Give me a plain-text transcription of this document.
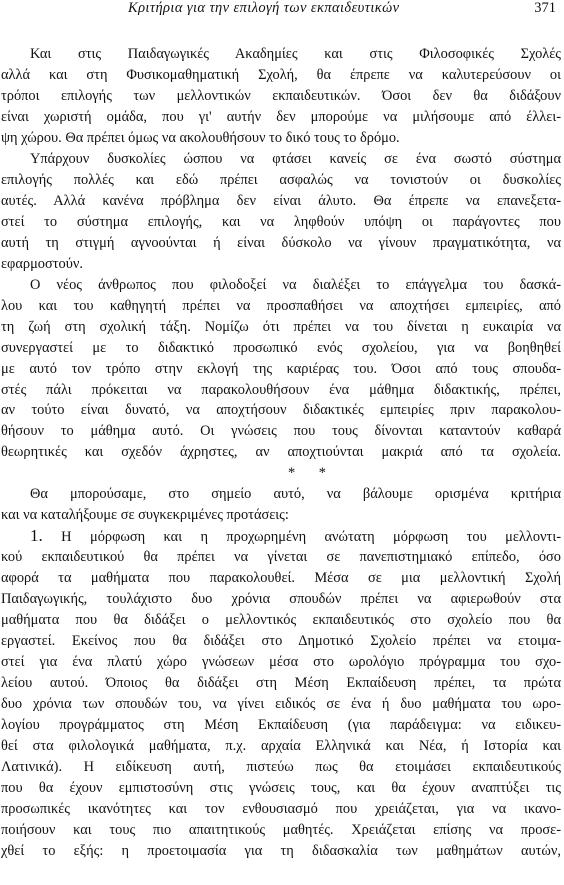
Κριτήρια για την επιλογή των εκπαιδευτικών	371
Και στις Παιδαγωγικές Ακαδημίες και στις Φιλοσοφικές Σχολές
αλλά και στη Φυσικομαθηματική Σχολή, θα έπρεπε να καλυτερεύσουν οι
τρόποι επιλογής των μελλοντικών εκπαιδευτικών. Όσοι δεν θα διδάξουν
είναι χωριστή ομάδα, που γι' αυτήν δεν μπορούμε να μιλήσουμε από έλλει-
ψη χώρου. Θα πρέπει όμως να ακολουθήσουν το δικό τους το δρόμο.
Υπάρχουν δυσκολίες ώσπου να φτάσει κανείς σε ένα σωστό σύστημα
επιλογής πολλές και εδώ πρέπει ασφαλώς να τονιστούν οι δυσκολίες
αυτές. Αλλά κανένα πρόβλημα δεν είναι άλυτο. Θα έπρεπε να επανεξετα-
στεί το σύστημα επιλογής, και να ληφθούν υπόψη οι παράγοντες που
αυτή τη στιγμή αγνοούνται ή είναι δύσκολο να γίνουν πραγματικότητα, να
εφαρμοστούν.
Ο νέος άνθρωπος που φιλοδοξεί να διαλέξει το επάγγελμα του δασκά-
λου και του καθηγητή πρέπει να προσπαθήσει να αποχτήσει εμπειρίες, από
τη ζωή στη σχολική τάξη. Νομίζω ότι πρέπει να του δίνεται η ευκαιρία να
συνεργαστεί με το διδακτικό προσωπικό ενός σχολείου, για να βοηθηθεί
με αυτό τον τρόπο στην εκλογή της καριέρας του. Όσοι από τους σπουδα-
στές πάλι πρόκειται να παρακολουθήσουν ένα μάθημα διδακτικής, πρέπει,
αν τούτο είναι δυνατό, να αποχτήσουν διδακτικές εμπειρίες πριν παρακολου-
θήσουν το μάθημα αυτό. Οι γνώσεις που τους δίνονται καταντούν καθαρά
θεωρητικές και σχεδόν άχρηστες, αν αποχτιούνται μακριά από τα σχολεία.
* *
Θα μπορούσαμε, στο σημείο αυτό, να βάλουμε ορισμένα κριτήρια
και να καταλήξουμε σε συγκεκριμένες προτάσεις:
1. Η μόρφωση και η προχωρημένη ανώτατη μόρφωση του μελλοντι-
κού εκπαιδευτικού θα πρέπει να γίνεται σε πανεπιστημιακό επίπεδο, όσο
αφορά τα μαθήματα που παρακολουθεί. Μέσα σε μια μελλοντική Σχολή
Παιδαγωγικής, τουλάχιστο δυο χρόνια σπουδών πρέπει να αφιερωθούν στα
μαθήματα που θα διδάξει ο μελλοντικός εκπαιδευτικός στο σχολείο που θα
εργαστεί. Εκείνος που θα διδάξει στο Δημοτικό Σχολείο πρέπει να ετοιμα-
στεί για ένα πλατύ χώρο γνώσεων μέσα στο ωρολόγιο πρόγραμμα του σχο-
λείου αυτού. Όποιος θα διδάξει στη Μέση Εκπαίδευση πρέπει, τα πρώτα
δυο χρόνια των σπουδών του, να γίνει ειδικός σε ένα ή δυο μαθήματα του ωρο-
λογίου προγράμματος στη Μέση Εκπαίδευση (για παράδειγμα: να ειδικευ-
θεί στα φιλολογικά μαθήματα, π.χ. αρχαία Ελληνικά και Νέα, ή Ιστορία και
Λατινικά). Η ειδίκευση αυτή, πιστεύω πως θα ετοιμάσει εκπαιδευτικούς
που θα έχουν εμπιστοσύνη στις γνώσεις τους, και θα έχουν αναπτύξει τις
προσωπικές ικανότητες και τον ενθουσιασμό που χρειάζεται, για να ικανο-
ποιήσουν και τους πιο απαιτητικούς μαθητές. Χρειάζεται επίσης να προσε-
χθεί το εξής: η προετοιμασία για τη διδασκαλία των μαθημάτων αυτών,
